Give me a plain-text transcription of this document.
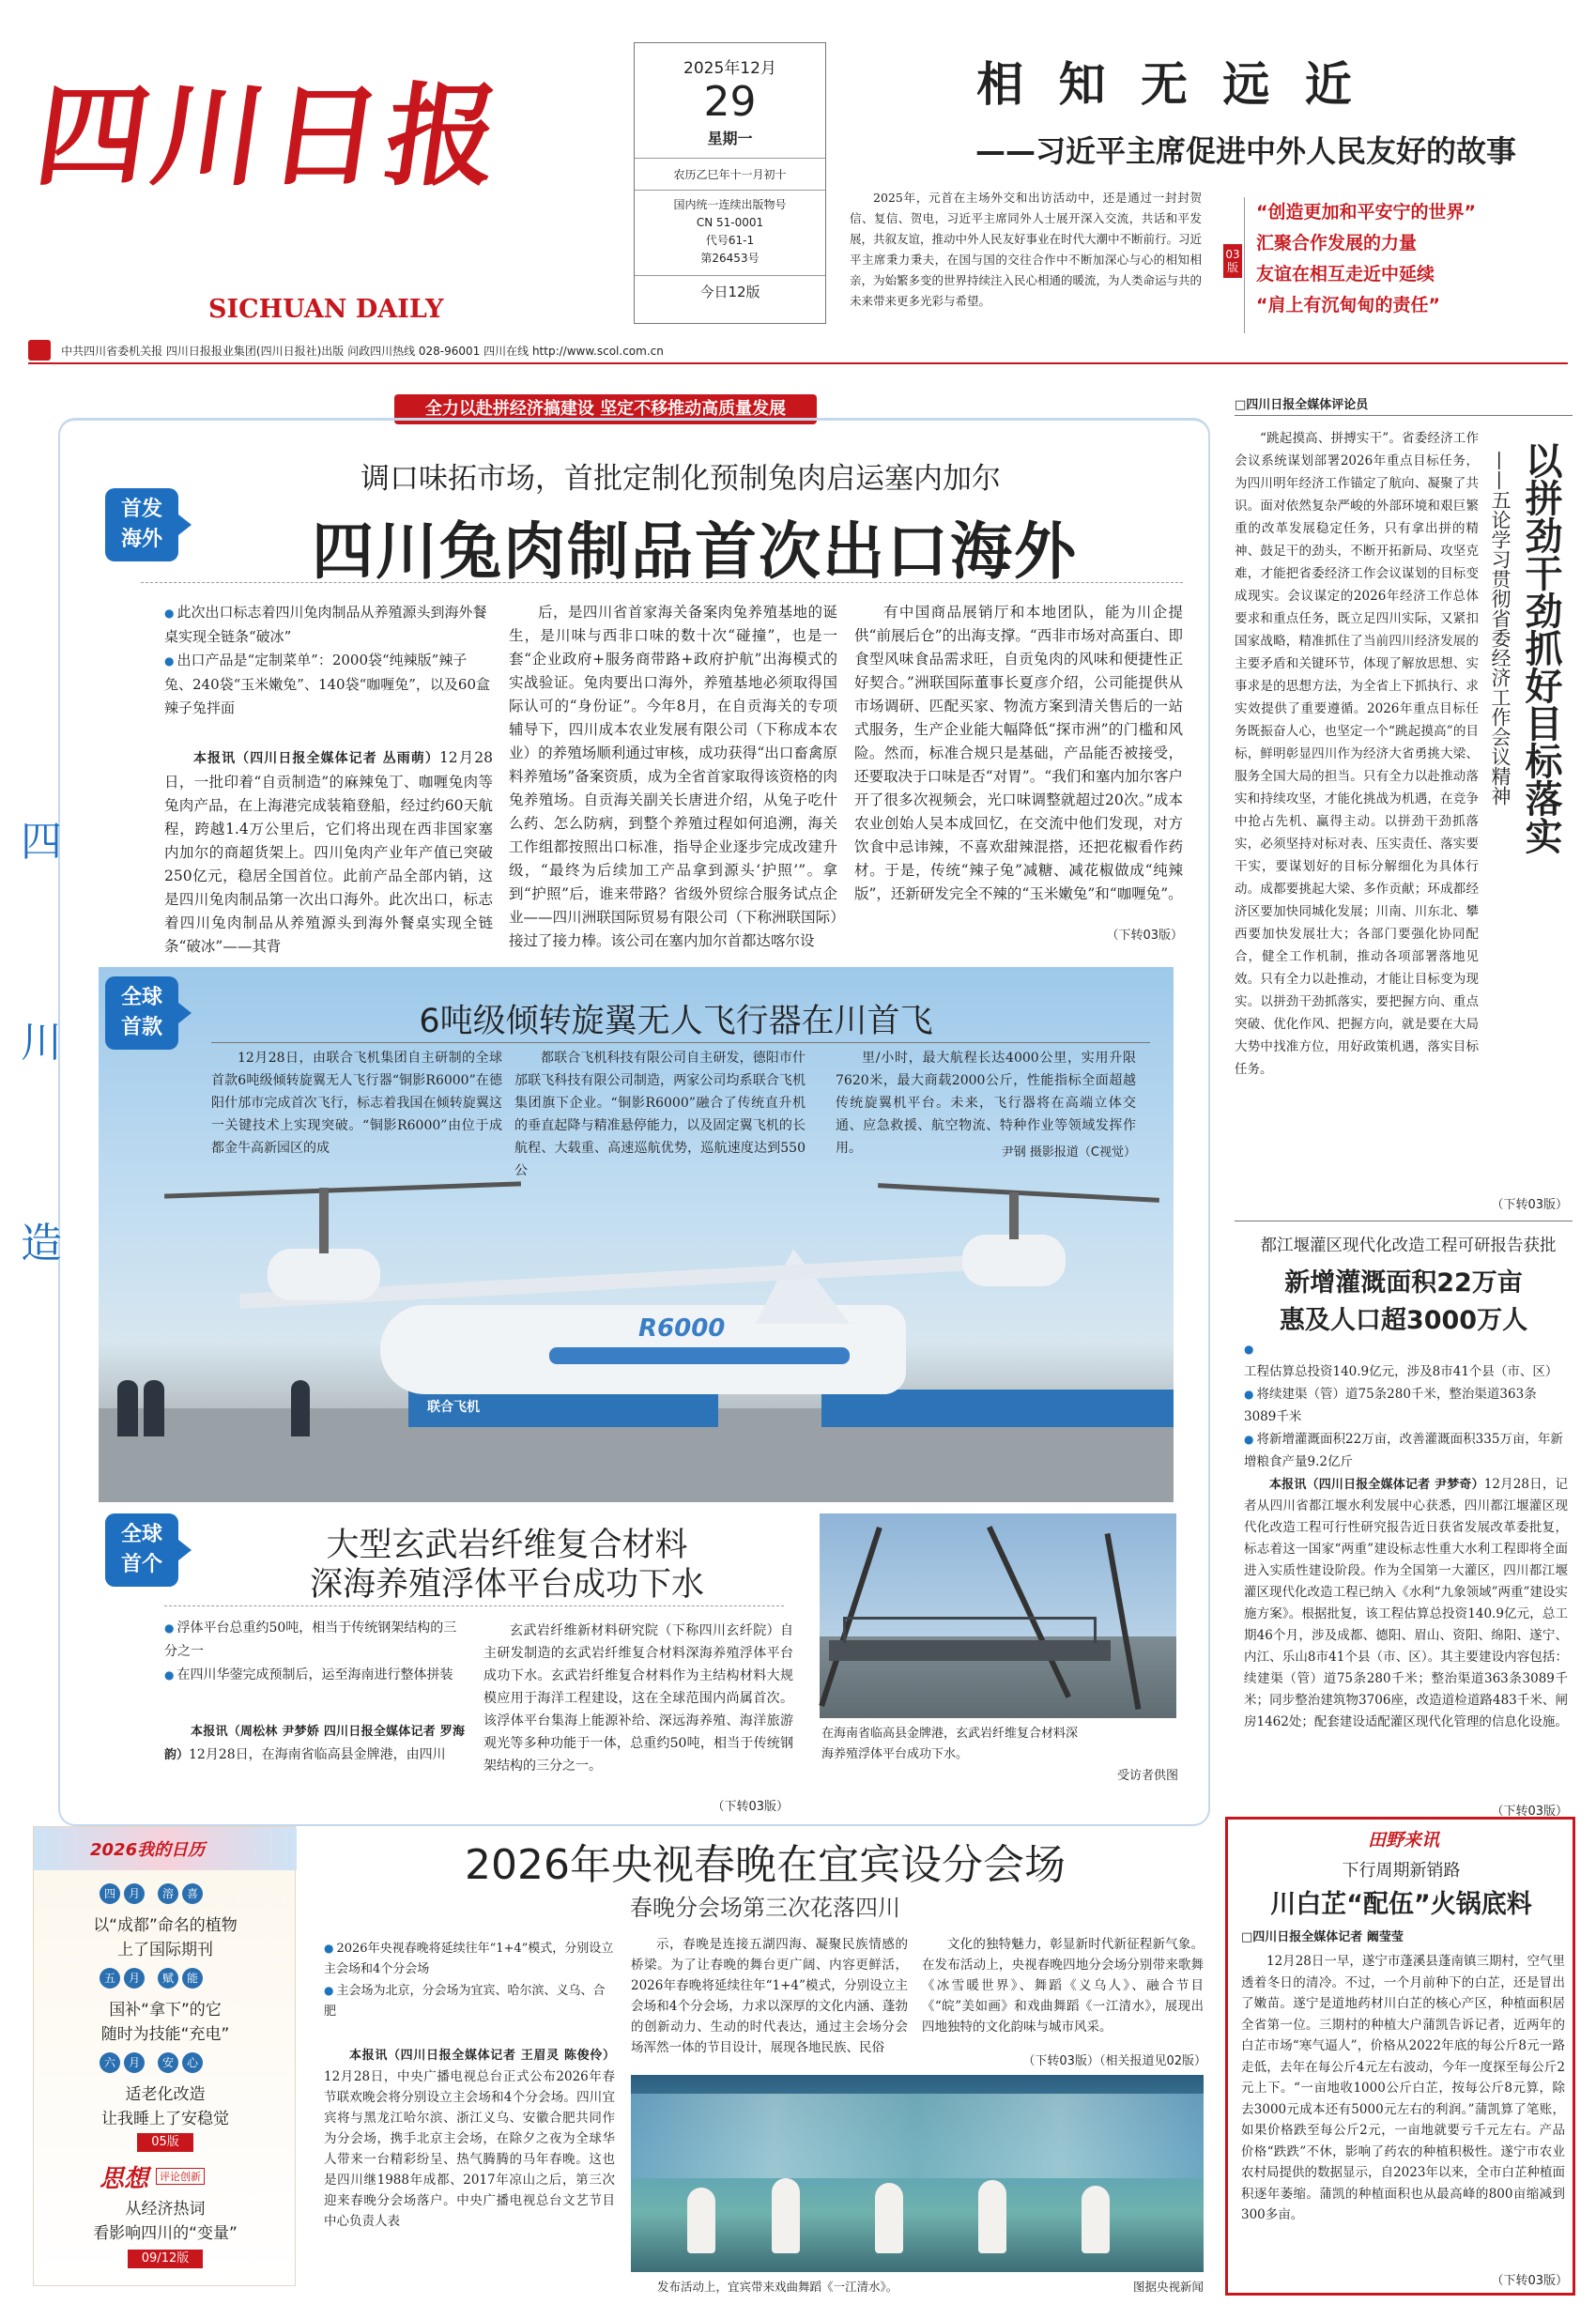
四川日报
SICHUAN DAILY
2025年12月
29
星期一
农历乙巳年十一月初十
国内统一连续出版物号
CN 51-0001
代号61-1
第26453号
今日12版
相 知 无 远 近
——习近平主席促进中外人民友好的故事
2025年，元首在主场外交和出访活动中，还是通过一封封贺信、复信、贺电，习近平主席同外人士展开深入交流，共话和平发展，共叙友谊，推动中外人民友好事业在时代大潮中不断前行。习近平主席秉力秉夫，在国与国的交往合作中不断加深心与心的相知相亲，为始繁多变的世界持续注入民心相通的暖流，为人类命运与共的未来带来更多光彩与希望。
03版
“创造更加和平安宁的世界”
汇聚合作发展的力量
友谊在相互走近中延续
“肩上有沉甸甸的责任”
中共四川省委机关报 四川日报报业集团(四川日报社)出版 问政四川热线 028-96001 四川在线 http://www.scol.com.cn
全力以赴拼经济搞建设 坚定不移推动高质量发展
首发
海外
调口味拓市场，首批定制化预制兔肉启运塞内加尔
四川兔肉制品首次出口海外
● 此次出口标志着四川兔肉制品从养殖源头到海外餐桌实现全链条“破冰”
● 出口产品是“定制菜单”：2000袋“纯辣版”辣子兔、240袋“玉米嫩兔”、140袋“咖喱兔”，以及60盒辣子兔拌面

本报讯（四川日报全媒体记者 丛雨萌）12月28日，一批印着“自贡制造”的麻辣兔丁、咖喱兔肉等兔肉产品，在上海港完成装箱登船，经过约60天航程，跨越1.4万公里后，它们将出现在西非国家塞内加尔的商超货架上。四川兔肉产业年产值已突破250亿元，稳居全国首位。此前产品全部内销，这是四川兔肉制品第一次出口海外。此次出口，标志着四川兔肉制品从养殖源头到海外餐桌实现全链条“破冰”——其背

后，是四川省首家海关备案肉兔养殖基地的诞生，是川味与西非口味的数十次“碰撞”，也是一套“企业政府+服务商带路+政府护航”出海模式的实战验证。兔肉要出口海外，养殖基地必须取得国际认可的“身份证”。今年8月，在自贡海关的专项辅导下，四川成本农业发展有限公司（下称成本农业）的养殖场顺利通过审核，成功获得“出口畜禽原料养殖场”备案资质，成为全省首家取得该资格的肉兔养殖场。自贡海关副关长唐进介绍，从兔子吃什么药、怎么防病，到整个养殖过程如何追溯，海关工作组都按照出口标准，指导企业逐步完成改建升级，“最终为后续加工产品拿到源头‘护照’”。拿到“护照”后，谁来带路？省级外贸综合服务试点企业——四川洲联国际贸易有限公司（下称洲联国际）接过了接力棒。该公司在塞内加尔首都达喀尔设

有中国商品展销厅和本地团队，能为川企提供“前展后仓”的出海支撑。“西非市场对高蛋白、即食型风味食品需求旺，自贡兔肉的风味和便捷性正好契合。”洲联国际董事长夏彦介绍，公司能提供从市场调研、匹配买家、物流方案到清关售后的一站式服务，生产企业能大幅降低“探市洲”的门槛和风险。然而，标准合规只是基础，产品能否被接受，还要取决于口味是否“对胃”。“我们和塞内加尔客户开了很多次视频会，光口味调整就超过20次。”成本农业创始人吴本成回忆，在交流中他们发现，对方饮食中忌讳辣，不喜欢甜辣混搭，还把花椒看作药材。于是，传统“辣子兔”减糖、减花椒做成“纯辣版”，还新研发完全不辣的“玉米嫩兔”和“咖喱兔”。

（下转03版）
四
川
造
联合飞机
R6000
全球
首款	6吨级倾转旋翼无人飞行器在川首飞

12月28日，由联合飞机集团自主研制的全球首款6吨级倾转旋翼无人飞行器“铜影R6000”在德阳什邡市完成首次飞行，标志着我国在倾转旋翼这一关键技术上实现突破。“铜影R6000”由位于成都金牛高新园区的成

都联合飞机科技有限公司自主研发，德阳市什邡联飞科技有限公司制造，两家公司均系联合飞机集团旗下企业。“铜影R6000”融合了传统直升机的垂直起降与精准悬停能力，以及固定翼飞机的长航程、大载重、高速巡航优势，巡航速度达到550公

里/小时，最大航程长达4000公里，实用升限7620米，最大商载2000公斤，性能指标全面超越传统旋翼机平台。未来，飞行器将在高端立体交通、应急救援、航空物流、特种作业等领域发挥作用。	尹钢 摄影报道（C视觉）
全球
首个
大型玄武岩纤维复合材料
深海养殖浮体平台成功下水
● 浮体平台总重约50吨，相当于传统钢架结构的三分之一
● 在四川华蓥完成预制后，运至海南进行整体拼装

本报讯（周松林 尹梦娇 四川日报全媒体记者 罗海韵）12月28日，在海南省临高县金牌港，由四川

玄武岩纤维新材料研究院（下称四川玄纤院）自主研发制造的玄武岩纤维复合材料深海养殖浮体平台成功下水。玄武岩纤维复合材料作为主结构材料大规模应用于海洋工程建设，这在全球范围内尚属首次。该浮体平台集海上能源补给、深远海养殖、海洋旅游观光等多种功能于一体，总重约50吨，相当于传统钢架结构的三分之一。

（下转03版）
在海南省临高县金牌港，玄武岩纤维复合材料深海养殖浮体平台成功下水。
受访者供图
□四川日报全媒体评论员

“跳起摸高、拼搏实干”。省委经济工作会议系统谋划部署2026年重点目标任务，为四川明年经济工作锚定了航向、凝聚了共识。面对依然复杂严峻的外部环境和艰巨繁重的改革发展稳定任务，只有拿出拼的精神、鼓足干的劲头，不断开拓新局、攻坚克难，才能把省委经济工作会议谋划的目标变成现实。会议谋定的2026年经济工作总体要求和重点任务，既立足四川实际，又紧扣国家战略，精准抓住了当前四川经济发展的主要矛盾和关键环节，体现了解放思想、实事求是的思想方法，为全省上下抓执行、求实效提供了重要遵循。2026年重点目标任务既振奋人心，也坚定一个“跳起摸高”的目标，鲜明彰显四川作为经济大省勇挑大梁、服务全国大局的担当。只有全力以赴推动落实和持续攻坚，才能化挑战为机遇，在竞争中抢占先机、赢得主动。以拼劲干劲抓落实，必须坚持对标对表、压实责任、落实要干实，要谋划好的目标分解细化为具体行动。成都要挑起大梁、多作贡献；环成都经济区要加快同城化发展；川南、川东北、攀西要加快发展壮大；各部门要强化协同配合，健全工作机制，推动各项部署落地见效。只有全力以赴推动，才能让目标变为现实。以拼劲干劲抓落实，要把握方向、重点突破、优化作风、把握方向，就是要在大局大势中找准方位，用好政策机遇，落实目标任务。

以拼劲干劲抓好目标落实
——五论学习贯彻省委经济工作会议精神
（下转03版）
都江堰灌区现代化改造工程可研报告获批
新增灌溉面积22万亩
惠及人口超3000万人
● 工程估算总投资140.9亿元，涉及8市41个县（市、区）
● 将续建渠（管）道75条280千米，整治渠道363条3089千米
● 将新增灌溉面积22万亩，改善灌溉面积335万亩，年新增粮食产量9.2亿斤

本报讯（四川日报全媒体记者 尹梦奇）12月28日，记者从四川省都江堰水利发展中心获悉，四川都江堰灌区现代化改造工程可行性研究报告近日获省发展改革委批复，标志着这一国家“两重”建设标志性重大水利工程即将全面进入实质性建设阶段。作为全国第一大灌区，四川都江堰灌区现代化改造工程已纳入《水利“九象领域”两重”建设实施方案》。根据批复，该工程估算总投资140.9亿元，总工期46个月，涉及成都、德阳、眉山、资阳、绵阳、遂宁、内江、乐山8市41个县（市、区）。其主要建设内容包括：续建渠（管）道75条280千米；整治渠道363条3089千米；同步整治建筑物3706座，改造道检道路483千米、闸房1462处；配套建设适配灌区现代化管理的信息化设施。

（下转03版）
2026我的日历
四 月 溶 喜
以“成都”命名的植物
上了国际期刊
五 月 赋 能
国补“拿下”的它
随时为技能“充电”
六 月 安 心
适老化改造
让我睡上了安稳觉
05版
思想	评论创新
从经济热词
看影响四川的“变量”
09/12版
2026年央视春晚在宜宾设分会场
春晚分会场第三次花落四川
● 2026年央视春晚将延续往年“1+4”模式，分别设立主会场和4个分会场
● 主会场为北京，分会场为宜宾、哈尔滨、义乌、合肥

本报讯（四川日报全媒体记者 王眉灵 陈俊伶）12月28日，中央广播电视总台正式公布2026年春节联欢晚会将分别设立主会场和4个分会场。四川宜宾将与黑龙江哈尔滨、浙江义乌、安徽合肥共同作为分会场，携手北京主会场，在除夕之夜为全球华人带来一台精彩纷呈、热气腾腾的马年春晚。这也是四川继1988年成都、2017年凉山之后，第三次迎来春晚分会场落户。中央广播电视总台文艺节目中心负责人表

示，春晚是连接五湖四海、凝聚民族情感的桥梁。为了让春晚的舞台更广阔、内容更鲜活，2026年春晚将延续往年“1+4”模式，分别设立主会场和4个分会场，力求以深厚的文化内涵、蓬勃的创新动力、生动的时代表达，通过主会场分会场浑然一体的节目设计，展现各地民族、民俗

文化的独特魅力，彰显新时代新征程新气象。在发布活动上，央视春晚四地分会场分别带来歌舞《冰雪暖世界》、舞蹈《义乌人》、融合节目《“皖”美如画》和戏曲舞蹈《一江清水》，展现出四地独特的文化韵味与城市风采。

（下转03版）（相关报道见02版）
发布活动上，宜宾带来戏曲舞蹈《一江清水》。	图据央视新闻
田野来讯
下行周期新销路
川白芷“配伍”火锅底料
□四川日报全媒体记者 阚莹莹

12月28日一早，遂宁市蓬溪县蓬南镇三期村，空气里透着冬日的清冷。不过，一个月前种下的白芷，还是冒出了嫩苗。遂宁是道地药材川白芷的核心产区，种植面积居全省第一位。三期村的种植大户蒲凯告诉记者，近两年的白芷市场“寒气逼人”，价格从2022年底的每公斤8元一路走低，去年在每公斤4元左右波动，今年一度探至每公斤2元上下。“一亩地收1000公斤白芷，按每公斤8元算，除去3000元成本还有5000元左右的利润。”蒲凯算了笔账，如果价格跌至每公斤2元，一亩地就要亏千元左右。产品价格“跌跌”不休，影响了药农的种植积极性。遂宁市农业农村局提供的数据显示，自2023年以来，全市白芷种植面积逐年萎缩。蒲凯的种植面积也从最高峰的800亩缩减到300多亩。

（下转03版）
